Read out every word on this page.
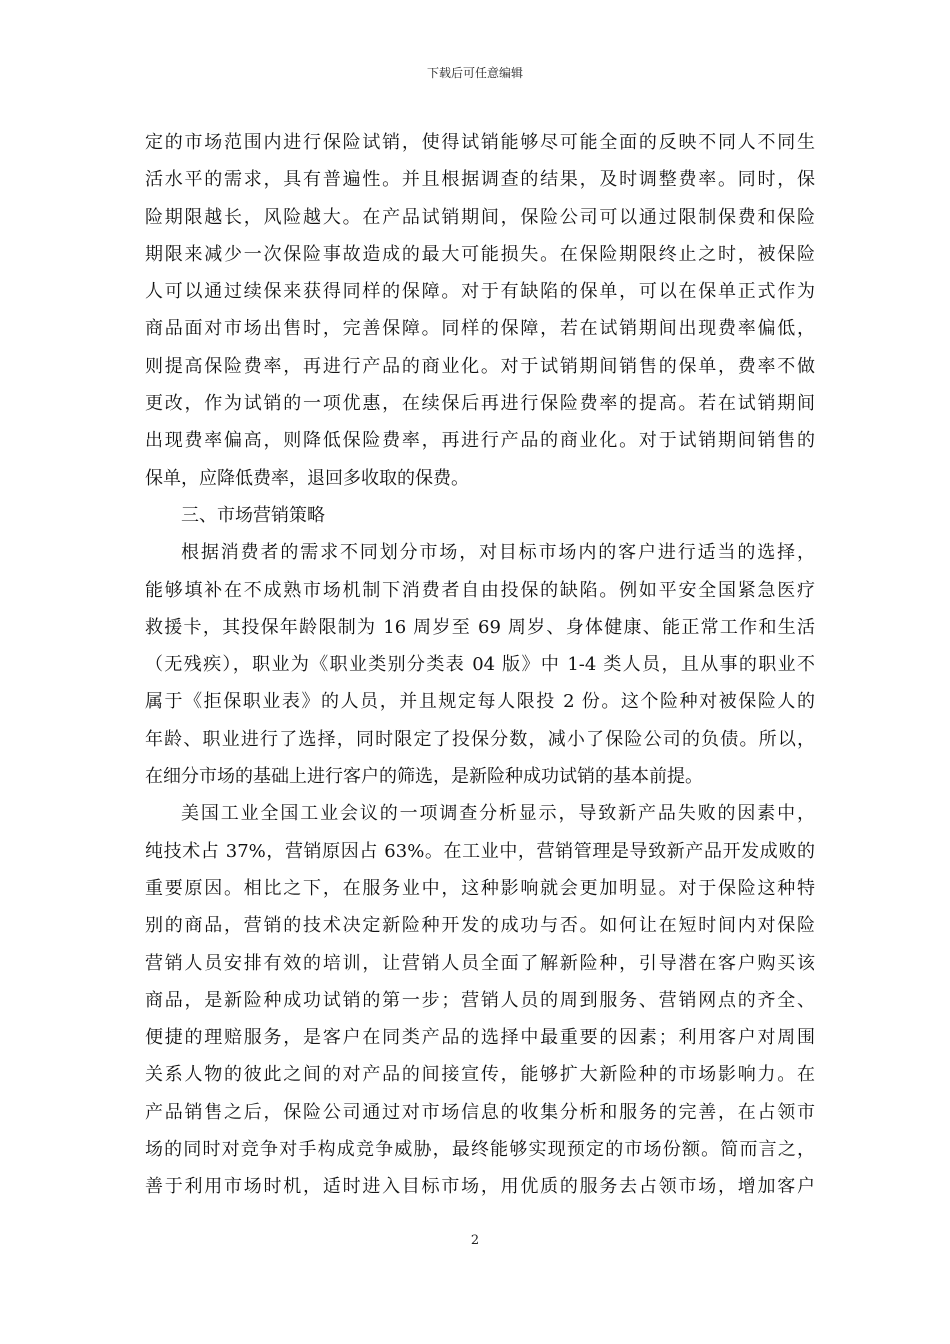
下载后可任意编辑
定的市场范围内进行保险试销，使得试销能够尽可能全面的反映不同人不同生
活水平的需求，具有普遍性。并且根据调查的结果，及时调整费率。同时，保
险期限越长，风险越大。在产品试销期间，保险公司可以通过限制保费和保险
期限来减少一次保险事故造成的最大可能损失。在保险期限终止之时，被保险
人可以通过续保来获得同样的保障。对于有缺陷的保单，可以在保单正式作为
商品面对市场出售时，完善保障。同样的保障，若在试销期间出现费率偏低，
则提高保险费率，再进行产品的商业化。对于试销期间销售的保单，费率不做
更改，作为试销的一项优惠，在续保后再进行保险费率的提高。若在试销期间
出现费率偏高，则降低保险费率，再进行产品的商业化。对于试销期间销售的
保单，应降低费率，退回多收取的保费。
三、市场营销策略
根据消费者的需求不同划分市场，对目标市场内的客户进行适当的选择，
能够填补在不成熟市场机制下消费者自由投保的缺陷。例如平安全国紧急医疗
救援卡，其投保年龄限制为 16 周岁至 69 周岁、身体健康、能正常工作和生活
（无残疾），职业为《职业类别分类表 04 版》中 1-4 类人员，且从事的职业不
属于《拒保职业表》的人员，并且规定每人限投 2 份。这个险种对被保险人的
年龄、职业进行了选择，同时限定了投保分数，减小了保险公司的负债。所以，
在细分市场的基础上进行客户的筛选，是新险种成功试销的基本前提。
美国工业全国工业会议的一项调查分析显示，导致新产品失败的因素中，
纯技术占 37%，营销原因占 63%。在工业中，营销管理是导致新产品开发成败的
重要原因。相比之下，在服务业中，这种影响就会更加明显。对于保险这种特
别的商品，营销的技术决定新险种开发的成功与否。如何让在短时间内对保险
营销人员安排有效的培训，让营销人员全面了解新险种，引导潜在客户购买该
商品，是新险种成功试销的第一步；营销人员的周到服务、营销网点的齐全、
便捷的理赔服务，是客户在同类产品的选择中最重要的因素；利用客户对周围
关系人物的彼此之间的对产品的间接宣传，能够扩大新险种的市场影响力。在
产品销售之后，保险公司通过对市场信息的收集分析和服务的完善，在占领市
场的同时对竞争对手构成竞争威胁，最终能够实现预定的市场份额。简而言之，
善于利用市场时机，适时进入目标市场，用优质的服务去占领市场，增加客户
2
